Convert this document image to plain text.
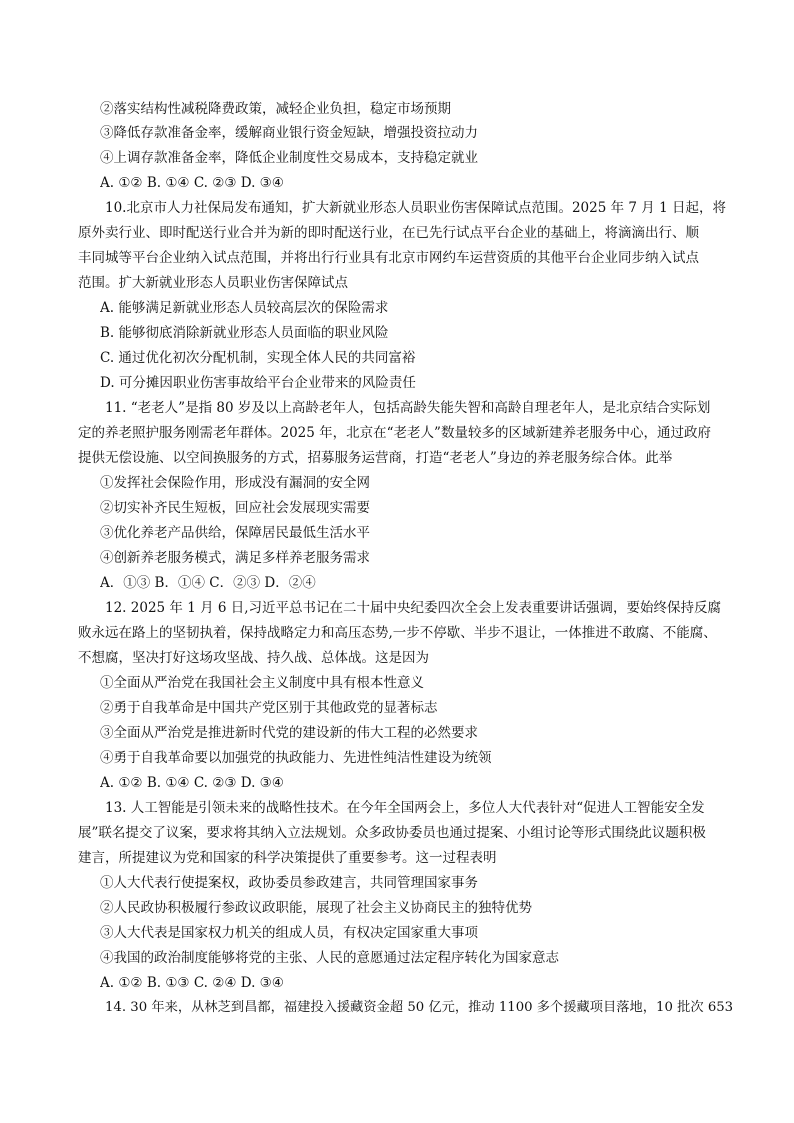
②落实结构性减税降费政策，减轻企业负担，稳定市场预期
③降低存款准备金率，缓解商业银行资金短缺，增强投资拉动力
④上调存款准备金率，降低企业制度性交易成本，支持稳定就业
A. ①② B. ①④ C. ②③ D. ③④
10.北京市人力社保局发布通知，扩大新就业形态人员职业伤害保障试点范围。2025 年 7 月 1 日起，将
原外卖行业、即时配送行业合并为新的即时配送行业，在已先行试点平台企业的基础上，将滴滴出行、顺
丰同城等平台企业纳入试点范围，并将出行行业具有北京市网约车运营资质的其他平台企业同步纳入试点
范围。扩大新就业形态人员职业伤害保障试点
A. 能够满足新就业形态人员较高层次的保险需求
B. 能够彻底消除新就业形态人员面临的职业风险
C. 通过优化初次分配机制，实现全体人民的共同富裕
D. 可分摊因职业伤害事故给平台企业带来的风险责任
11. “老老人”是指 80 岁及以上高龄老年人，包括高龄失能失智和高龄自理老年人，是北京结合实际划
定的养老照护服务刚需老年群体。2025 年，北京在“老老人”数量较多的区域新建养老服务中心，通过政府
提供无偿设施、以空间换服务的方式，招募服务运营商，打造“老老人”身边的养老服务综合体。此举
①发挥社会保险作用，形成没有漏洞的安全网
②切实补齐民生短板，回应社会发展现实需要
③优化养老产品供给，保障居民最低生活水平
④创新养老服务模式，满足多样养老服务需求
A．①③ B．①④ C．②③ D．②④
12. 2025 年 1 月 6 日,习近平总书记在二十届中央纪委四次全会上发表重要讲话强调，要始终保持反腐
败永远在路上的坚韧执着，保持战略定力和高压态势,一步不停歇、半步不退让，一体推进不敢腐、不能腐、
不想腐，坚决打好这场攻坚战、持久战、总体战。这是因为
①全面从严治党在我国社会主义制度中具有根本性意义
②勇于自我革命是中国共产党区别于其他政党的显著标志
③全面从严治党是推进新时代党的建设新的伟大工程的必然要求
④勇于自我革命要以加强党的执政能力、先进性纯洁性建设为统领
A. ①② B. ①④ C. ②③ D. ③④
13. 人工智能是引领未来的战略性技术。在今年全国两会上，多位人大代表针对“促进人工智能安全发
展”联名提交了议案，要求将其纳入立法规划。众多政协委员也通过提案、小组讨论等形式围绕此议题积极
建言，所提建议为党和国家的科学决策提供了重要参考。这一过程表明
①人大代表行使提案权，政协委员参政建言，共同管理国家事务
②人民政协积极履行参政议政职能，展现了社会主义协商民主的独特优势
③人大代表是国家权力机关的组成人员，有权决定国家重大事项
④我国的政治制度能够将党的主张、人民的意愿通过法定程序转化为国家意志
A. ①② B. ①③ C. ②④ D. ③④
14. 30 年来，从林芝到昌都，福建投入援藏资金超 50 亿元，推动 1100 多个援藏项目落地，10 批次 653
